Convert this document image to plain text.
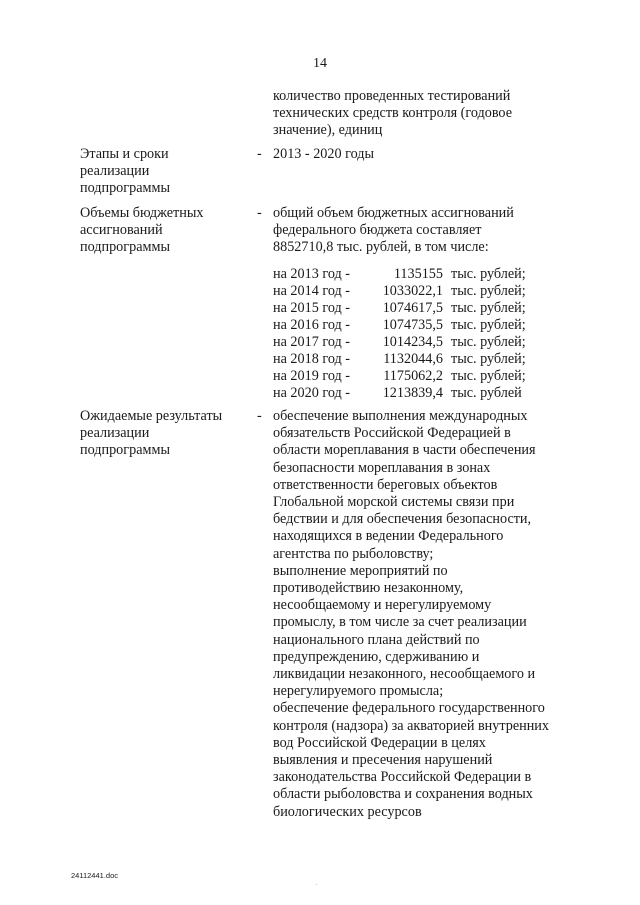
14
количество проведенных тестирований
технических средств контроля (годовое
значение), единиц
Этапы и сроки
реализации
подпрограммы
- 2013 - 2020 годы
Объемы бюджетных
ассигнований
подпрограммы
- общий объем бюджетных ассигнований
федерального бюджета составляет
8852710,8 тыс. рублей, в том числе:
на 2013 год -	1135155 тыс. рублей;
на 2014 год -	1033022,1 тыс. рублей;
на 2015 год -	1074617,5 тыс. рублей;
на 2016 год -	1074735,5 тыс. рублей;
на 2017 год -	1014234,5 тыс. рублей;
на 2018 год -	1132044,6 тыс. рублей;
на 2019 год -	1175062,2 тыс. рублей;
на 2020 год -	1213839,4 тыс. рублей
Ожидаемые результаты
реализации
подпрограммы
- обеспечение выполнения международных
обязательств Российской Федерацией в
области мореплавания в части обеспечения
безопасности мореплавания в зонах
ответственности береговых объектов
Глобальной морской системы связи при
бедствии и для обеспечения безопасности,
находящихся в ведении Федерального
агентства по рыболовству;
выполнение мероприятий по
противодействию незаконному,
несообщаемому и нерегулируемому
промыслу, в том числе за счет реализации
национального плана действий по
предупреждению, сдерживанию и
ликвидации незаконного, несообщаемого и
нерегулируемого промысла;
обеспечение федерального государственного
контроля (надзора) за акваторией внутренних
вод Российской Федерации в целях
выявления и пресечения нарушений
законодательства Российской Федерации в
области рыболовства и сохранения водных
биологических ресурсов
24112441.doc
.
